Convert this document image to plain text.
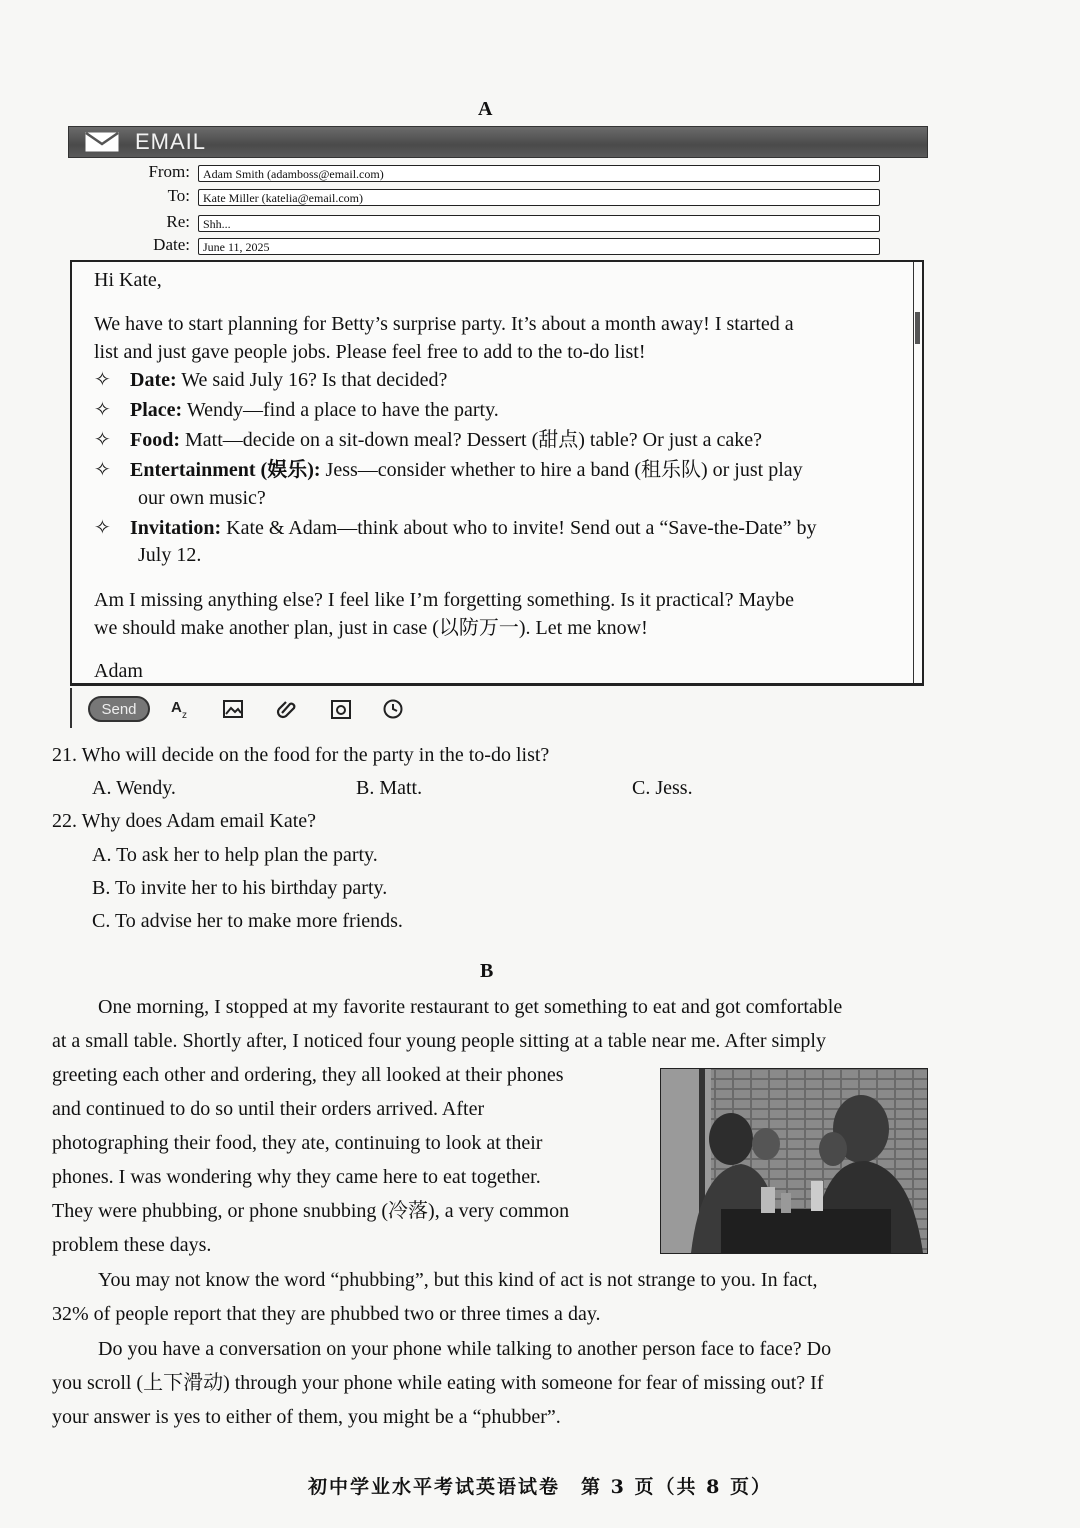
A
EMAIL
From:	Adam Smith (adamboss@email.com)
To:	Kate Miller (katelia@email.com)
Re:	Shh...
Date:	June 11, 2025
Hi Kate,
We have to start planning for Betty’s surprise party. It’s about a month away! I started a
list and just gave people jobs. Please feel free to add to the to-do list!
✧ Date: We said July 16? Is that decided?
✧ Place: Wendy—find a place to have the party.
✧ Food: Matt—decide on a sit-down meal? Dessert (甜点) table? Or just a cake?
✧ Entertainment (娱乐): Jess—consider whether to hire a band (租乐队) or just play
our own music?
✧ Invitation: Kate & Adam—think about who to invite! Send out a “Save-the-Date” by
July 12.
Am I missing anything else? I feel like I’m forgetting something. Is it practical? Maybe
we should make another plan, just in case (以防万一). Let me know!
Adam
Send	A z
21. Who will decide on the food for the party in the to-do list?
A. Wendy.	B. Matt.	C. Jess.
22. Why does Adam email Kate?
A. To ask her to help plan the party.
B. To invite her to his birthday party.
C. To advise her to make more friends.
B
One morning, I stopped at my favorite restaurant to get something to eat and got comfortable
at a small table. Shortly after, I noticed four young people sitting at a table near me. After simply
greeting each other and ordering, they all looked at their phones
and continued to do so until their orders arrived. After
photographing their food, they ate, continuing to look at their
phones. I was wondering why they came here to eat together.
They were phubbing, or phone snubbing (冷落), a very common
problem these days.
You may not know the word “phubbing”, but this kind of act is not strange to you. In fact,
32% of people report that they are phubbed two or three times a day.
Do you have a conversation on your phone while talking to another person face to face? Do
you scroll (上下滑动) through your phone while eating with someone for fear of missing out? If
your answer is yes to either of them, you might be a “phubber”.
初中学业水平考试英语试卷　第 3 页（共 8 页）
